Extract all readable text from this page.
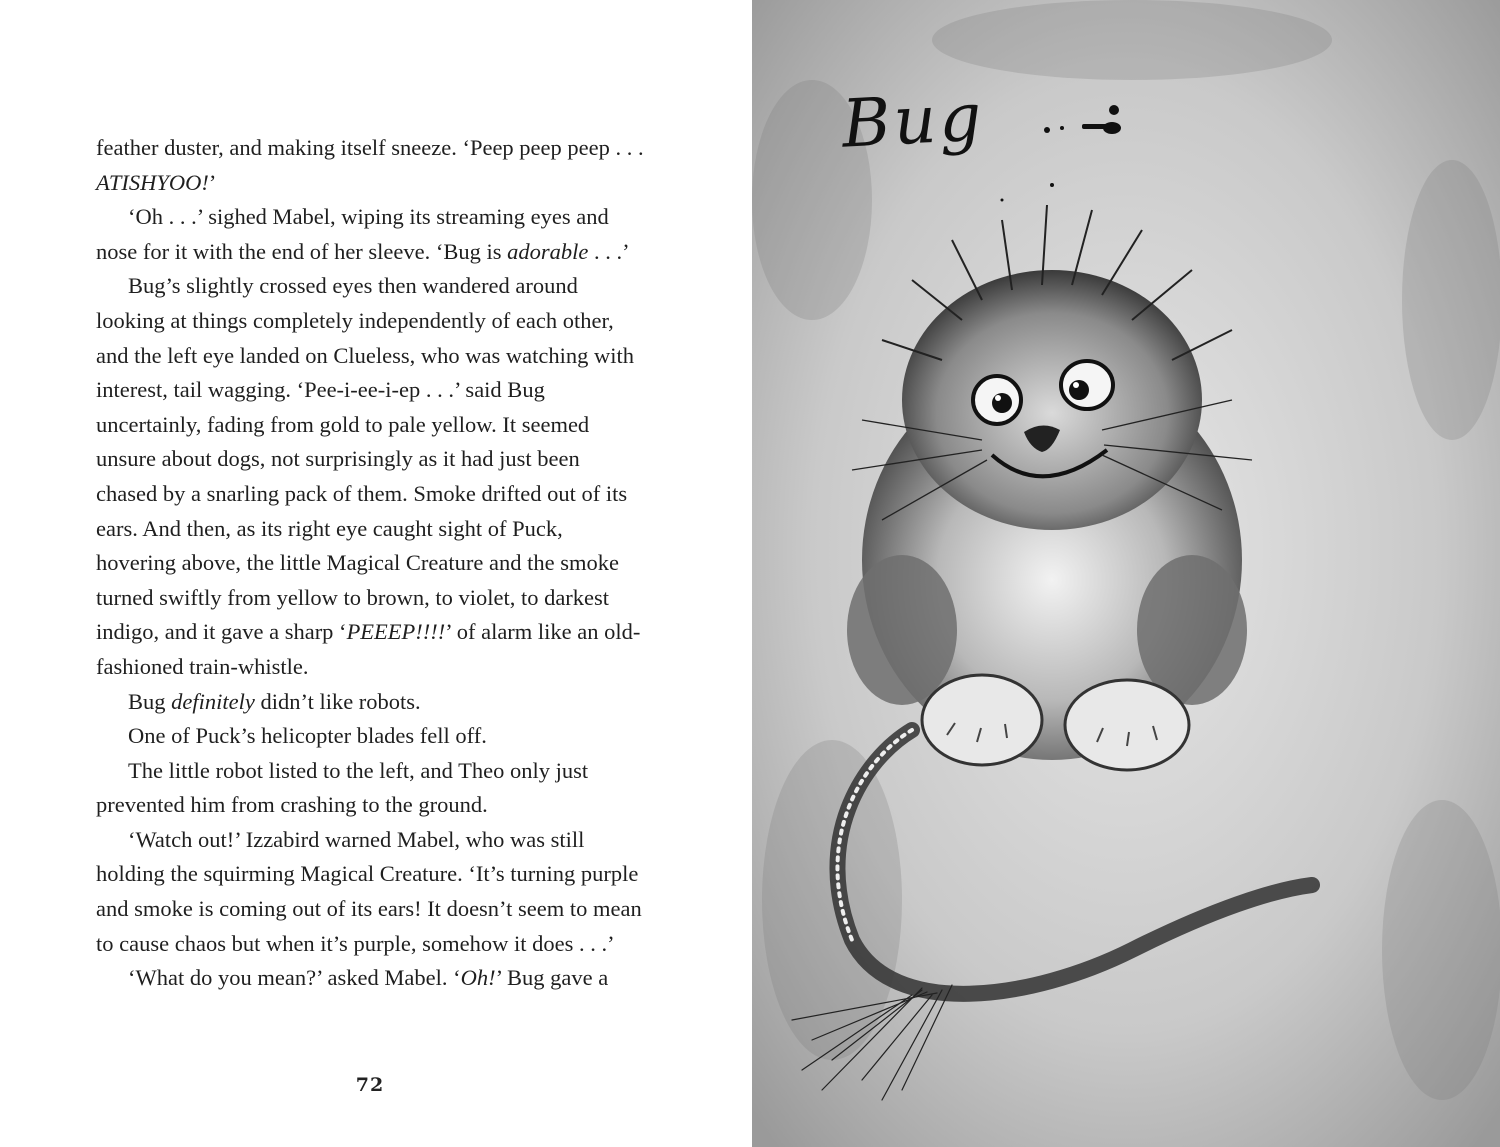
feather duster, and making itself sneeze. ‘Peep peep peep . . . ATISHYOO!’

‘Oh . . .’ sighed Mabel, wiping its streaming eyes and nose for it with the end of her sleeve. ‘Bug is adorable . . .’

Bug’s slightly crossed eyes then wandered around looking at things completely independently of each other, and the left eye landed on Clueless, who was watching with interest, tail wagging. ‘Pee-i-ee-i-ep . . .’ said Bug uncertainly, fading from gold to pale yellow. It seemed unsure about dogs, not surprisingly as it had just been chased by a snarling pack of them. Smoke drifted out of its ears. And then, as its right eye caught sight of Puck, hovering above, the little Magical Creature and the smoke turned swiftly from yellow to brown, to violet, to darkest indigo, and it gave a sharp ‘PEEEP!!!!’ of alarm like an old-fashioned train-whistle.

Bug definitely didn’t like robots.

One of Puck’s helicopter blades fell off.

The little robot listed to the left, and Theo only just prevented him from crashing to the ground.

‘Watch out!’ Izzabird warned Mabel, who was still holding the squirming Magical Creature. ‘It’s turning purple and smoke is coming out of its ears! It doesn’t seem to mean to cause chaos but when it’s purple, somehow it does . . .’

‘What do you mean?’ asked Mabel. ‘Oh!’ Bug gave a

72
Bug
